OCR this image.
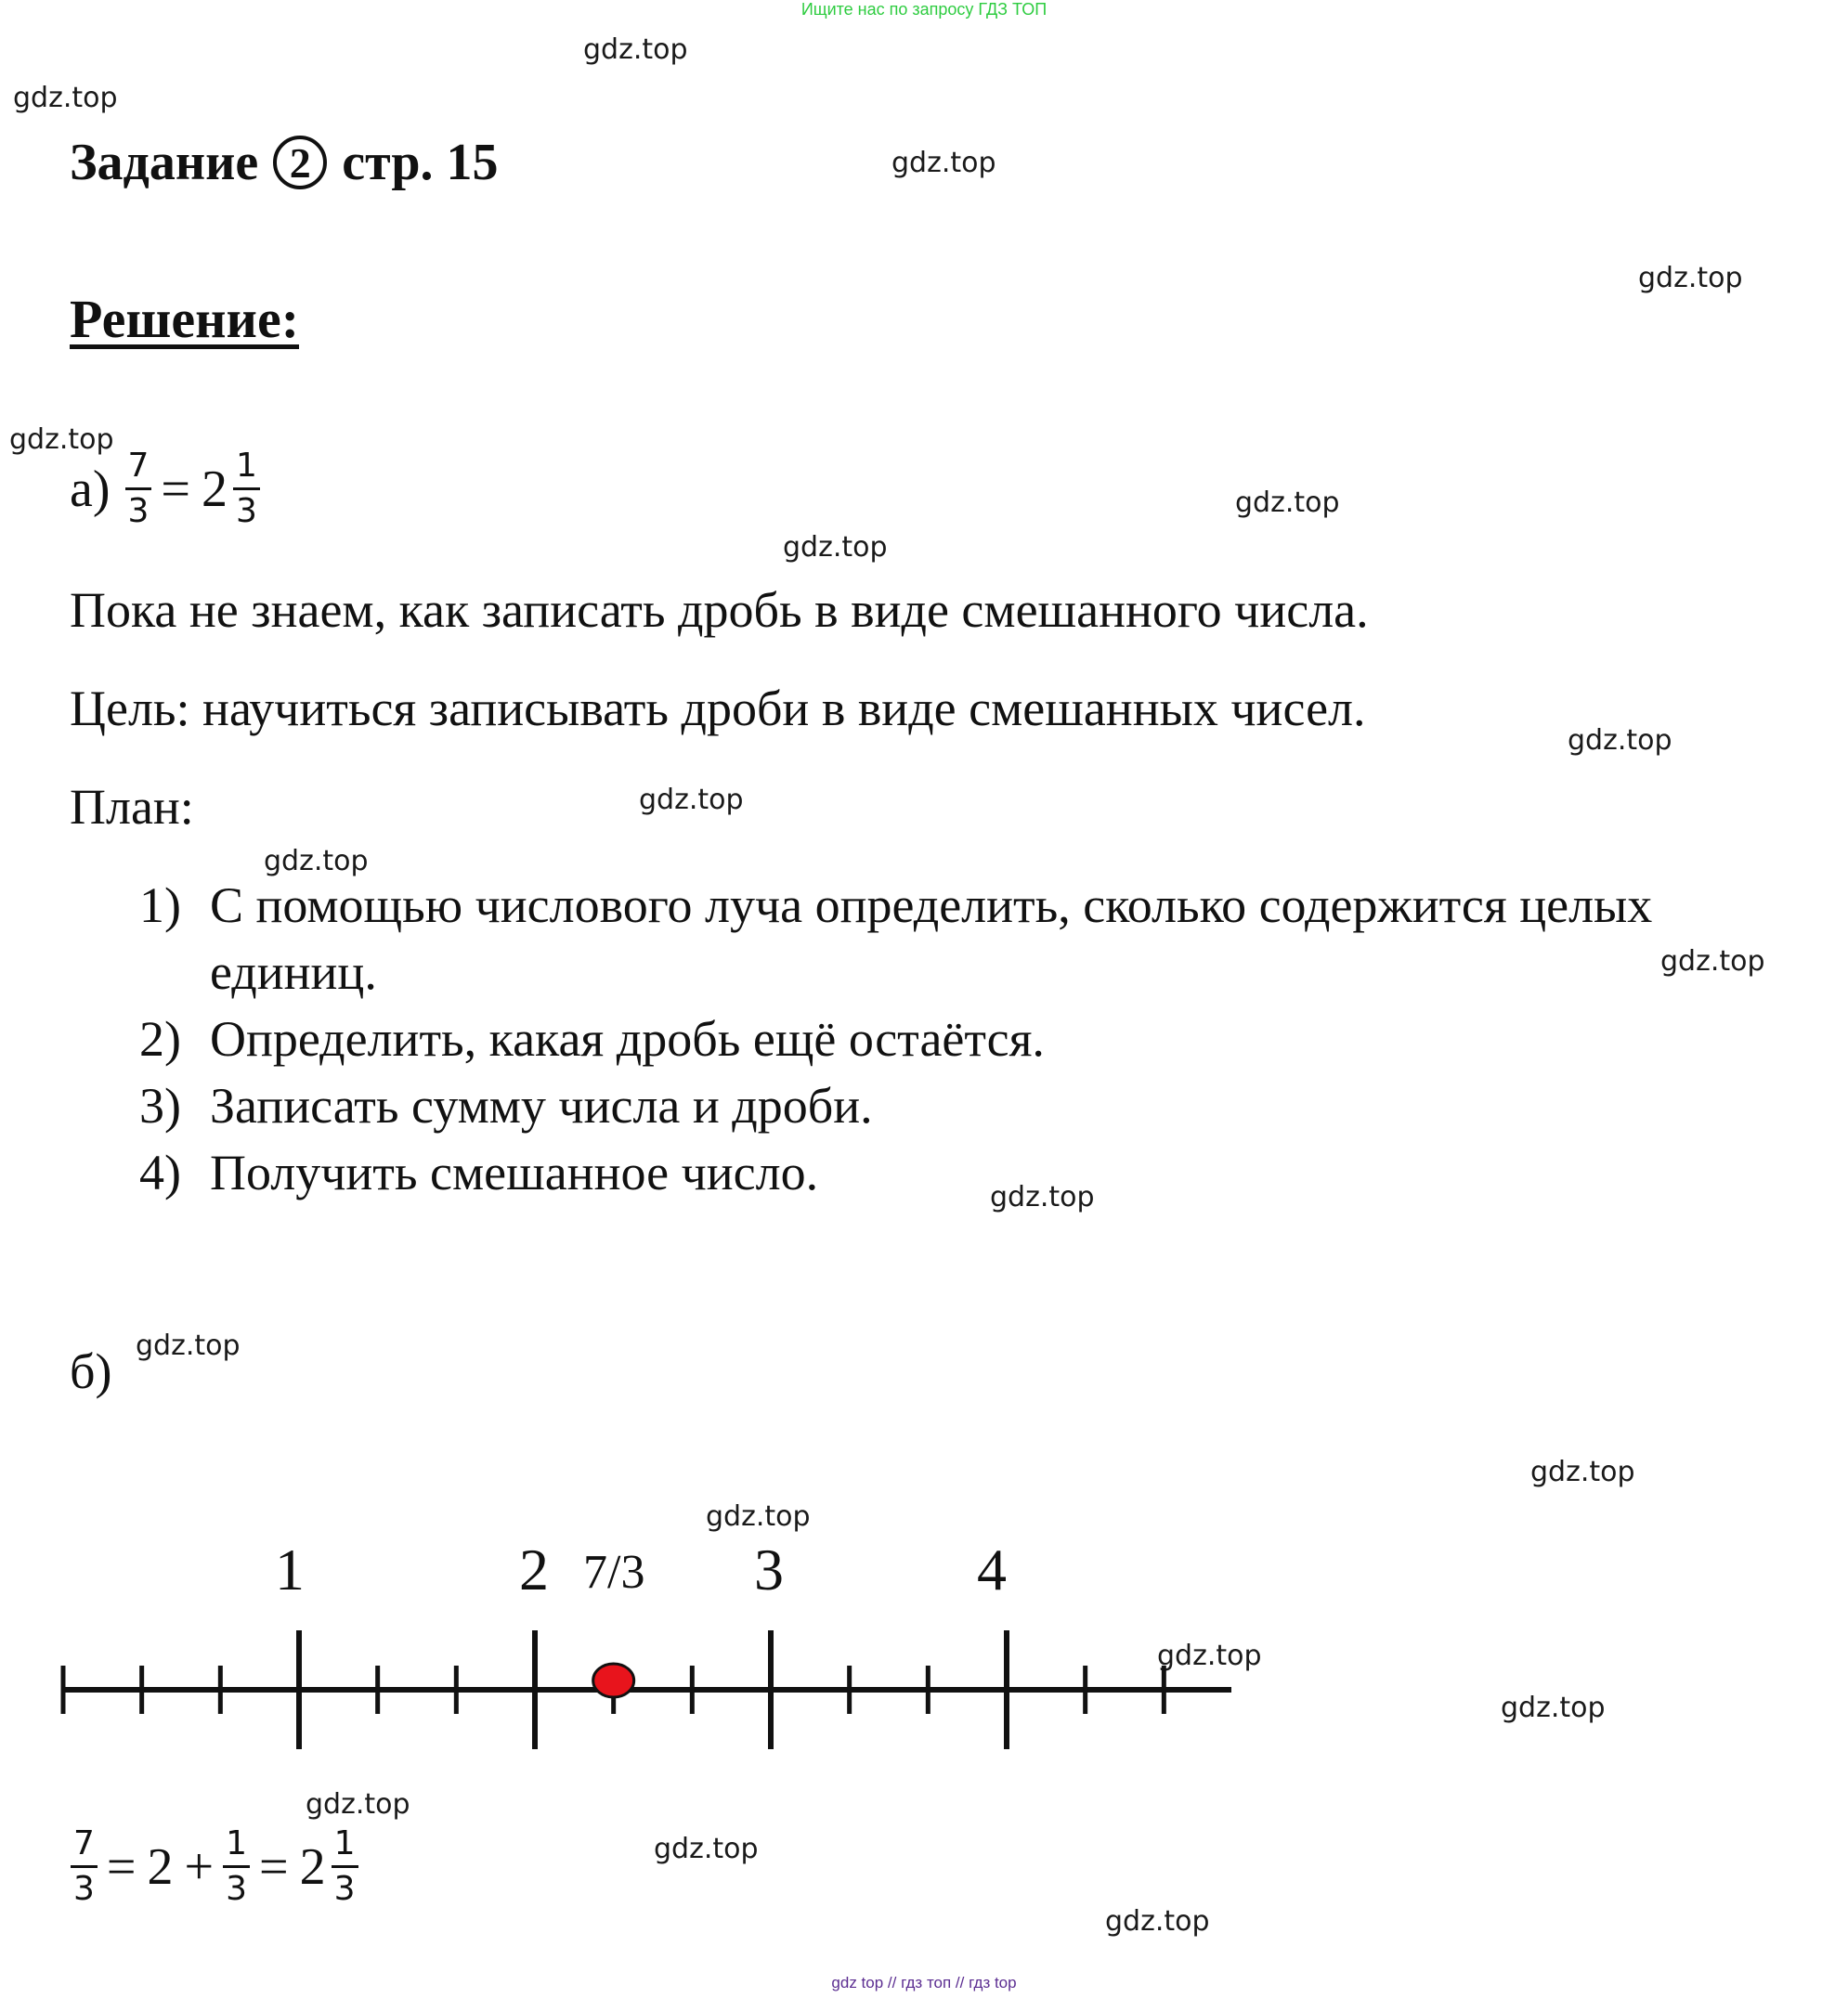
Ищите нас по запросу ГДЗ ТОП
gdz.top
gdz.top
gdz.top
gdz.top
gdz.top
gdz.top
gdz.top
gdz.top
gdz.top
gdz.top
gdz.top
gdz.top
gdz.top
gdz.top
gdz.top
gdz.top
gdz.top
gdz.top
gdz.top
gdz.top
Задание 2 стр. 15
Решение:
$а) \frac{7}{3} = 2 \frac{1}{3}$
Пока не знаем, как записать дробь в виде смешанного числа.
Цель: научиться записывать дроби в виде смешанных чисел.
План:
1) С помощью числового луча определить, сколько содержится целых
единиц.
2) Определить, какая дробь ещё остаётся.
3) Записать сумму числа и дроби.
4) Получить смешанное число.
б)
1	2 7/3 3	4
$\frac{7}{3} = 2 + \frac{1}{3} = 2 \frac{1}{3}$
gdz top // гдз топ // гдз top
